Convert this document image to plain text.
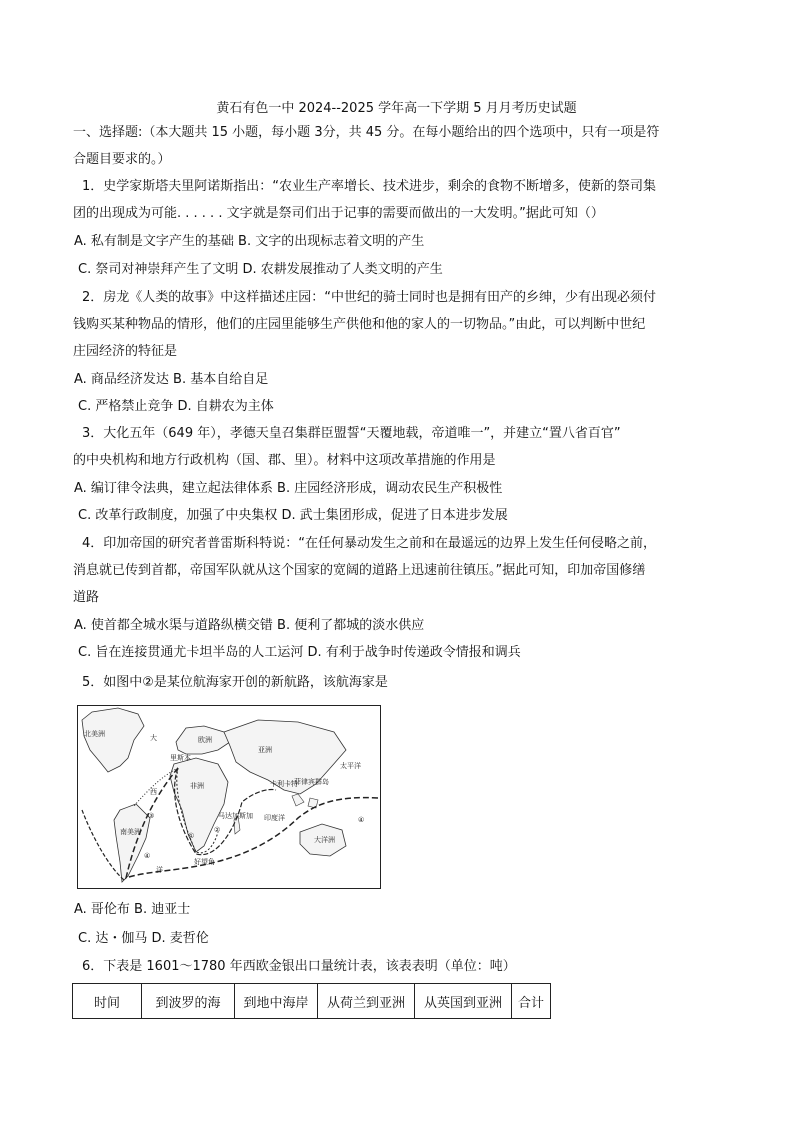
黄石有色一中 2024--2025 学年高一下学期 5 月月考历史试题
一、选择题:（本大题共 15 小题，每小题 3分，共 45 分。在每小题给出的四个选项中，只有一项是符
合题目要求的。）
1．史学家斯塔夫里阿诺斯指出：“农业生产率增长、技术进步，剩余的食物不断增多，使新的祭司集
团的出现成为可能. . . . . . 文字就是祭司们出于记事的需要而做出的一大发明。”据此可知（）
A. 私有制是文字产生的基础 B. 文字的出现标志着文明的产生
C. 祭司对神崇拜产生了文明 D. 农耕发展推动了人类文明的产生
2．房龙《人类的故事》中这样描述庄园：“中世纪的骑士同时也是拥有田产的乡绅，少有出现必须付
钱购买某种物品的情形，他们的庄园里能够生产供他和他的家人的一切物品。”由此，可以判断中世纪
庄园经济的特征是
A. 商品经济发达 B. 基本自给自足
C. 严格禁止竞争 D. 自耕农为主体
3．大化五年（649 年），孝德天皇召集群臣盟誓“天覆地载，帝道唯一”，并建立“置八省百官”
的中央机构和地方行政机构（国、郡、里）。材料中这项改革措施的作用是
A. 编订律令法典，建立起法律体系 B. 庄园经济形成，调动农民生产积极性
C. 改革行政制度，加强了中央集权 D. 武士集团形成，促进了日本进步发展
4．印加帝国的研究者普雷斯科特说：“在任何暴动发生之前和在最遥远的边界上发生任何侵略之前，
消息就已传到首都，帝国军队就从这个国家的宽阔的道路上迅速前往镇压。”据此可知，印加帝国修缮
道路
A. 使首都全城水渠与道路纵横交错 B. 便利了都城的淡水供应
C. 旨在连接贯通尤卡坦半岛的人工运河 D. 有利于战争时传递政令情报和调兵
5．如图中②是某位航海家开创的新航路，该航海家是
北美洲
欧洲
亚洲
非洲
南美洲
大洋洲
太平洋
印度洋
大
西
洋
里斯本
好望角
卡利卡特
马达加斯加
菲律宾群岛
①
②
③
④
④
A. 哥伦布 B. 迪亚士
C. 达・伽马 D. 麦哲伦
6．下表是 1601～1780 年西欧金银出口量统计表，该表表明（单位：吨）
时间	到波罗的海	到地中海岸	从荷兰到亚洲	从英国到亚洲	合计
